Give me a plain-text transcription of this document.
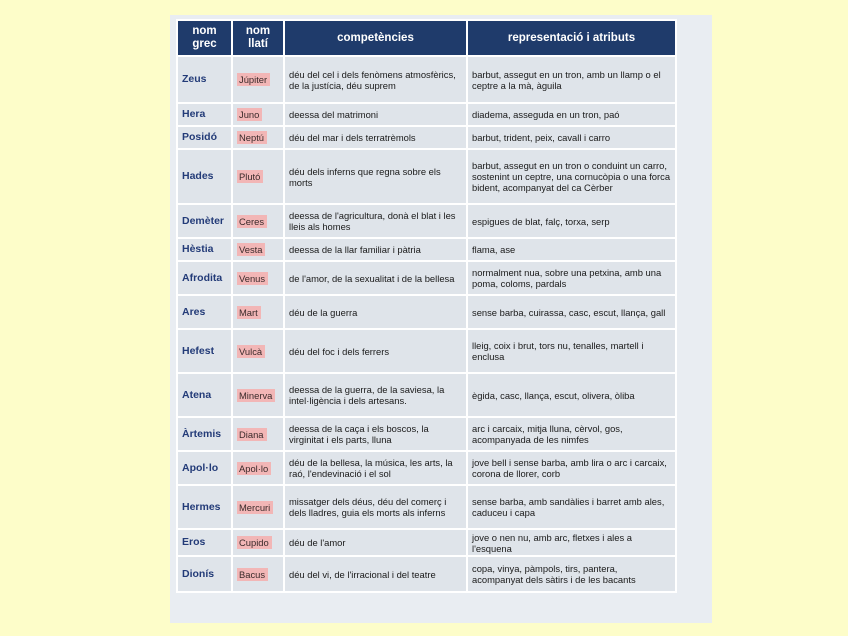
nom grec	nom llatí	competències	representació i atributs
Zeus	Júpiter	déu del cel i dels fenòmens atmosfèrics, de la justícia, déu suprem	barbut, assegut en un tron, amb un llamp o el ceptre a la mà, àguila
Hera	Juno	deessa del matrimoni	diadema, asseguda en un tron, paó
Posidó	Neptú	déu del mar i dels terratrèmols	barbut, trident, peix, cavall i carro
Hades	Plutó	déu dels inferns que regna sobre els morts	barbut, assegut en un tron o conduint un carro, sostenint un ceptre, una cornucòpia o una forca bident, acompanyat del ca Cèrber
Demèter	Ceres	deessa de l'agricultura, donà el blat i les lleis als homes	espigues de blat, falç, torxa, serp
Hèstia	Vesta	deessa de la llar familiar i pàtria	flama, ase
Afrodita	Venus	de l'amor, de la sexualitat i de la bellesa	normalment nua, sobre una petxina, amb una poma, coloms, pardals
Ares	Mart	déu de la guerra	sense barba, cuirassa, casc, escut, llança, gall
Hefest	Vulcà	déu del foc i dels ferrers	lleig, coix i brut, tors nu, tenalles, martell i enclusa
Atena	Minerva	deessa de la guerra, de la saviesa, la intel·ligència i dels artesans.	ègida, casc, llança, escut, olivera, òliba
Àrtemis	Diana	deessa de la caça i els boscos, la virginitat i els parts, lluna	arc i carcaix, mitja lluna, cèrvol, gos, acompanyada de les nimfes
Apol·lo	Apol·lo	déu de la bellesa, la música, les arts, la raó, l'endevinació i el sol	jove bell i sense barba, amb lira o arc i carcaix, corona de llorer, corb
Hermes	Mercuri	missatger dels déus, déu del comerç i dels lladres, guia els morts als inferns	sense barba, amb sandàlies i barret amb ales, caduceu i capa
Eros	Cupido	déu de l'amor	jove o nen nu, amb arc, fletxes i ales a l'esquena
Dionís	Bacus	déu del vi, de l'irracional i del teatre	copa, vinya, pàmpols, tirs, pantera, acompanyat dels sàtirs i de les bacants
